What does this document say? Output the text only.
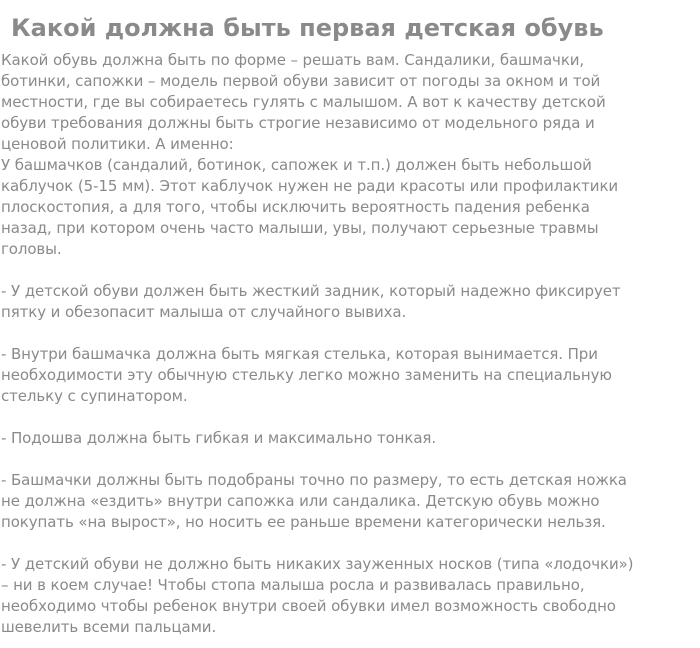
Какой должна быть первая детская обувь
Какой обувь должна быть по форме – решать вам. Сандалики, башмачки,
ботинки, сапожки – модель первой обуви зависит от погоды за окном и той
местности, где вы собираетесь гулять с малышом. А вот к качеству детской
обуви требования должны быть строгие независимо от модельного ряда и
ценовой политики. А именно:
У башмачков (сандалий, ботинок, сапожек и т.п.) должен быть небольшой
каблучок (5-15 мм). Этот каблучок нужен не ради красоты или профилактики
плоскостопия, а для того, чтобы исключить вероятность падения ребенка
назад, при котором очень часто малыши, увы, получают серьезные травмы
головы.
- У детской обуви должен быть жесткий задник, который надежно фиксирует
пятку и обезопасит малыша от случайного вывиха.
- Внутри башмачка должна быть мягкая стелька, которая вынимается. При
необходимости эту обычную стельку легко можно заменить на специальную
стельку с супинатором.
- Подошва должна быть гибкая и максимально тонкая.
- Башмачки должны быть подобраны точно по размеру, то есть детская ножка
не должна «ездить» внутри сапожка или сандалика. Детскую обувь можно
покупать «на вырост», но носить ее раньше времени категорически нельзя.
- У детский обуви не должно быть никаких зауженных носков (типа «лодочки»)
– ни в коем случае! Чтобы стопа малыша росла и развивалась правильно,
необходимо чтобы ребенок внутри своей обувки имел возможность свободно
шевелить всеми пальцами.
